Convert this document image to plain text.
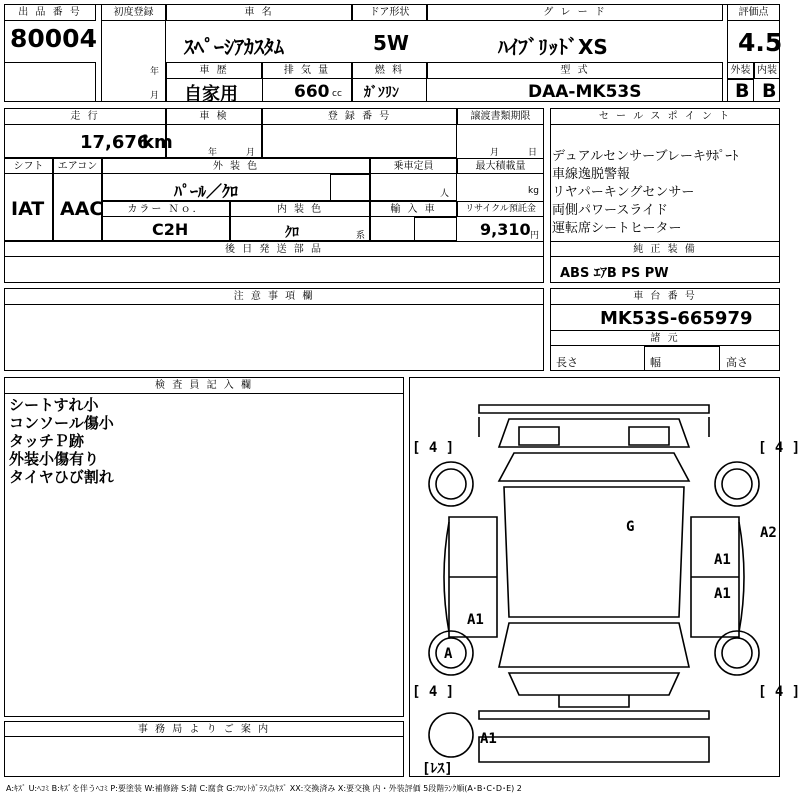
出 品 番 号
80004
初度登録
年
月
車 名
ｽﾍﾟｰｼｱｶｽﾀﾑ
ドア形状
5W
グ レ ー ド
ﾊｲﾌﾞﾘｯﾄﾞXS
評価点
4.5
車 歴
自家用
排 気 量
660 cc
燃 料
ｶﾞｿﾘﾝ
型 式
DAA-MK53S
外装 内装
B B
走 行
17,676
km
車 検
年	月
登 録 番 号	譲渡書類期限
月	日
シフト
IAT
エアコン
AAC
外 装 色
ﾊﾟｰﾙ／ｸﾛ
乗車定員
人
最大積載量
kg
カラー Ｎｏ．
C2H
内 装 色
ｸﾛ	系
輸 入 車	リサイクル預託金
9,310 円
後 日 発 送 部 品
セ ー ル ス ポ イ ン ト
デュアルセンサーブレーキｻﾎﾟｰﾄ
車線逸脱警報
リヤパーキングセンサー
両側パワースライド
運転席シートヒーター
純 正 装 備
ABS ｴｱB PS PW
注 意 事 項 欄	車 台 番 号
MK53S-665979
諸 元
長さ	幅	高さ
検 査 員 記 入 欄
シートすれ小
コンソール傷小
タッチＰ跡
外装小傷有り
タイヤひび割れ
事 務 局 よ り ご 案 内
[ 4 ]	[ 4 ]
[ 4 ]	[ 4 ]
[ﾚｽ]
G	A2
A1
A1
A1
A
A1
A:ｷｽﾞ U:ﾍｺﾐ B:ｷｽﾞを伴うﾍｺﾐ P:要塗装 W:補修跡 S:錆 C:腐食 G:ﾌﾛﾝﾄｶﾞﾗｽ点ｷｽﾞ XX:交換済み X:要交換 内・外装評価 5段階ﾗﾝｸ順(A･B･C･D･E) 2
